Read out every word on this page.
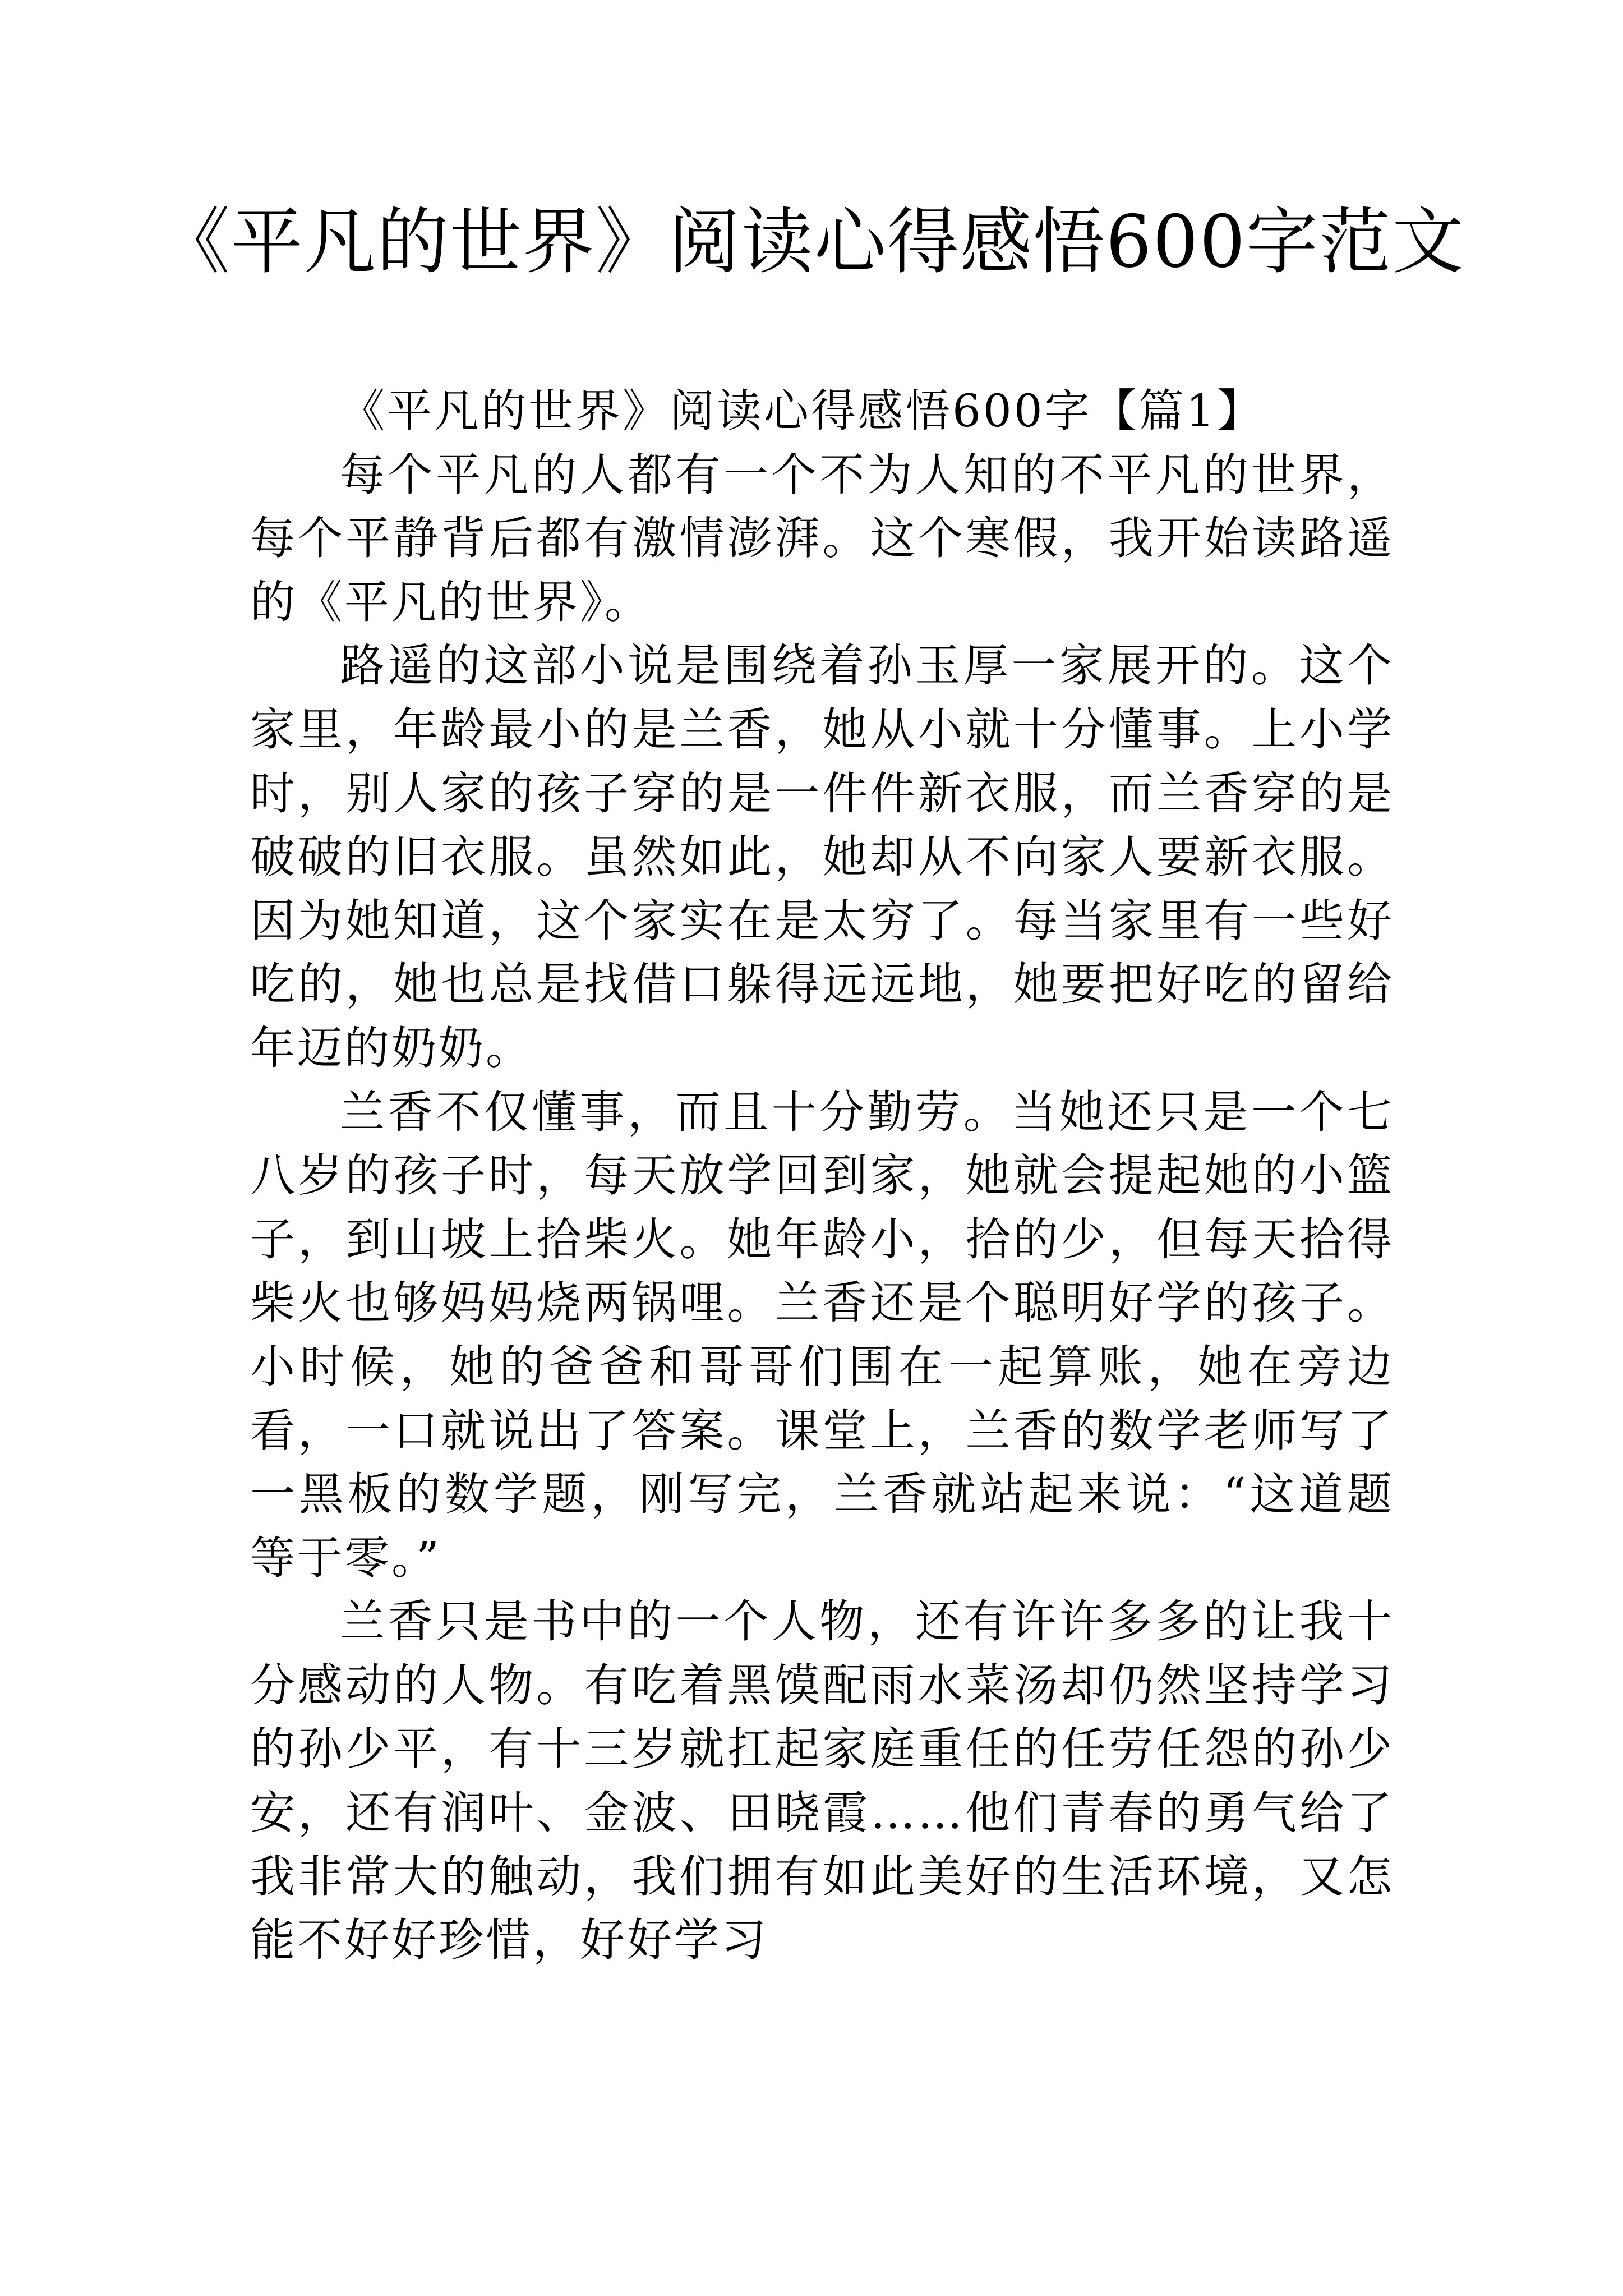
《平凡的世界》阅读心得感悟600字范文
《平凡的世界》阅读心得感悟600字【篇1】

每个平凡的人都有一个不为人知的不平凡的世界，每个平静背后都有激情澎湃。这个寒假，我开始读路遥的《平凡的世界》。

路遥的这部小说是围绕着孙玉厚一家展开的。这个家里，年龄最小的是兰香，她从小就十分懂事。上小学时，别人家的孩子穿的是一件件新衣服，而兰香穿的是破破的旧衣服。虽然如此，她却从不向家人要新衣服。因为她知道，这个家实在是太穷了。每当家里有一些好吃的，她也总是找借口躲得远远地，她要把好吃的留给年迈的奶奶。

兰香不仅懂事，而且十分勤劳。当她还只是一个七八岁的孩子时，每天放学回到家，她就会提起她的小篮子，到山坡上拾柴火。她年龄小，拾的少，但每天拾得柴火也够妈妈烧两锅哩。兰香还是个聪明好学的孩子。小时候，她的爸爸和哥哥们围在一起算账，她在旁边看，一口就说出了答案。课堂上，兰香的数学老师写了一黑板的数学题，刚写完，兰香就站起来说：“这道题等于零。”

兰香只是书中的一个人物，还有许许多多的让我十分感动的人物。有吃着黑馍配雨水菜汤却仍然坚持学习的孙少平，有十三岁就扛起家庭重任的任劳任怨的孙少安，还有润叶、金波、田晓霞……他们青春的勇气给了我非常大的触动，我们拥有如此美好的生活环境，又怎能不好好珍惜，好好学习
